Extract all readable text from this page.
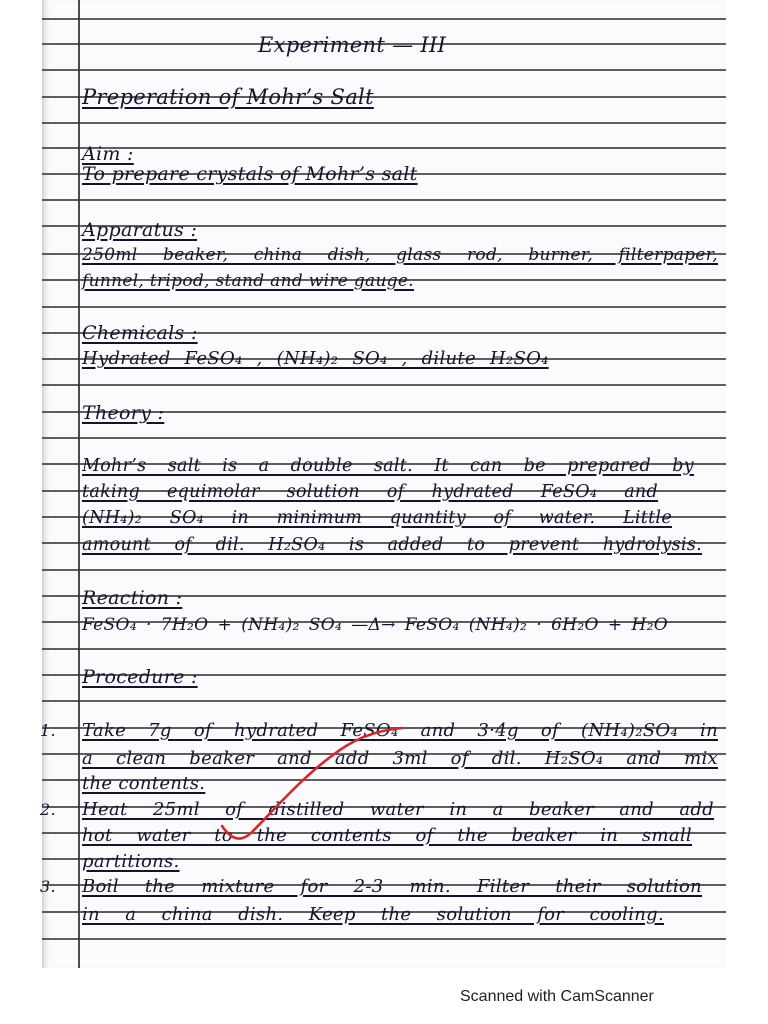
Experiment — III
Preperation of Mohr’s Salt
Aim :
To prepare crystals of Mohr’s salt
Apparatus :
250ml beaker, china dish, glass rod, burner, filterpaper,
funnel, tripod, stand and wire gauge.
Chemicals :
Hydrated FeSO₄ , (NH₄)₂ SO₄ , dilute H₂SO₄
Theory :
Mohr’s salt is a double salt. It can be prepared by
taking equimolar solution of hydrated FeSO₄ and
(NH₄)₂ SO₄ in minimum quantity of water. Little
amount of dil. H₂SO₄ is added to prevent hydrolysis.
Reaction :
FeSO₄ · 7H₂O + (NH₄)₂ SO₄ —Δ→ FeSO₄ (NH₄)₂ · 6H₂O + H₂O
Procedure :
1. Take 7g of hydrated FeSO₄ and 3·4g of (NH₄)₂SO₄ in
a clean beaker and add 3ml of dil. H₂SO₄ and mix
the contents.
2. Heat 25ml of distilled water in a beaker and add
hot water to the contents of the beaker in small
partitions.
3. Boil the mixture for 2-3 min. Filter their solution
in a china dish. Keep the solution for cooling.
Scanned with CamScanner
